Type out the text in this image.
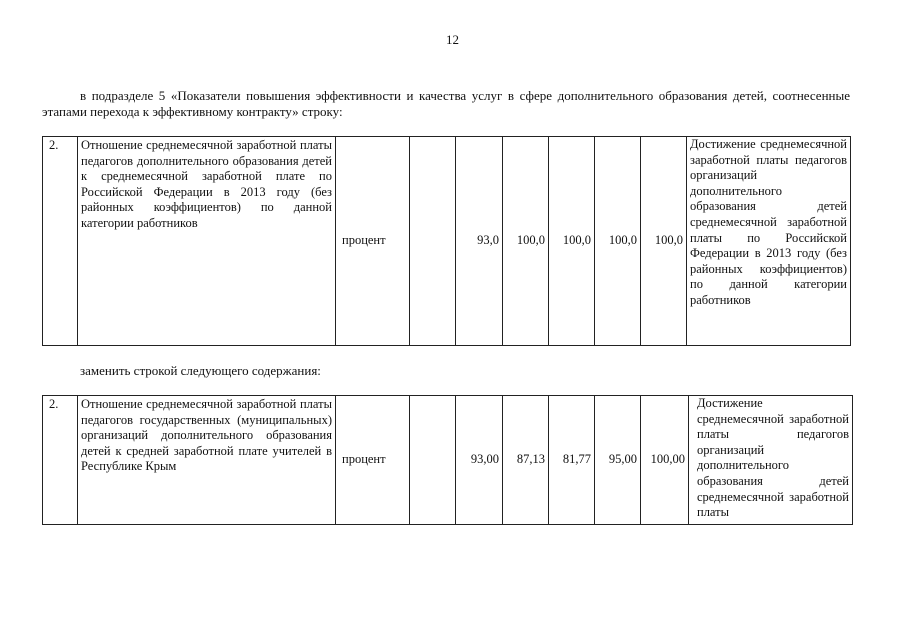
12
в подразделе 5 «Показатели повышения эффективности и качества услуг в сфере дополнительного образования детей, соотнесенные этапами перехода к эффективному контракту» строку:
2.	Отношение среднемесячной заработной платы педагогов дополнительного образования детей к среднемесячной заработной плате по Российской Федерации в 2013 году (без районных коэффициентов) по данной категории работников	процент		93,0	100,0	100,0	100,0	100,0	Достижение среднемесячной заработной платы педагогов организаций дополнительного образования детей среднемесячной заработной платы по Российской Федерации в 2013 году (без районных коэффициентов) по данной категории работников
заменить строкой следующего содержания:
2.	Отношение среднемесячной заработной платы педагогов государственных (муниципальных) организаций дополнительного образования детей к средней заработной плате учителей в Республике Крым	процент		93,00	87,13	81,77	95,00	100,00	Достижение среднемесячной заработной платы педагогов организаций дополнительного образования детей среднемесячной заработной платы
